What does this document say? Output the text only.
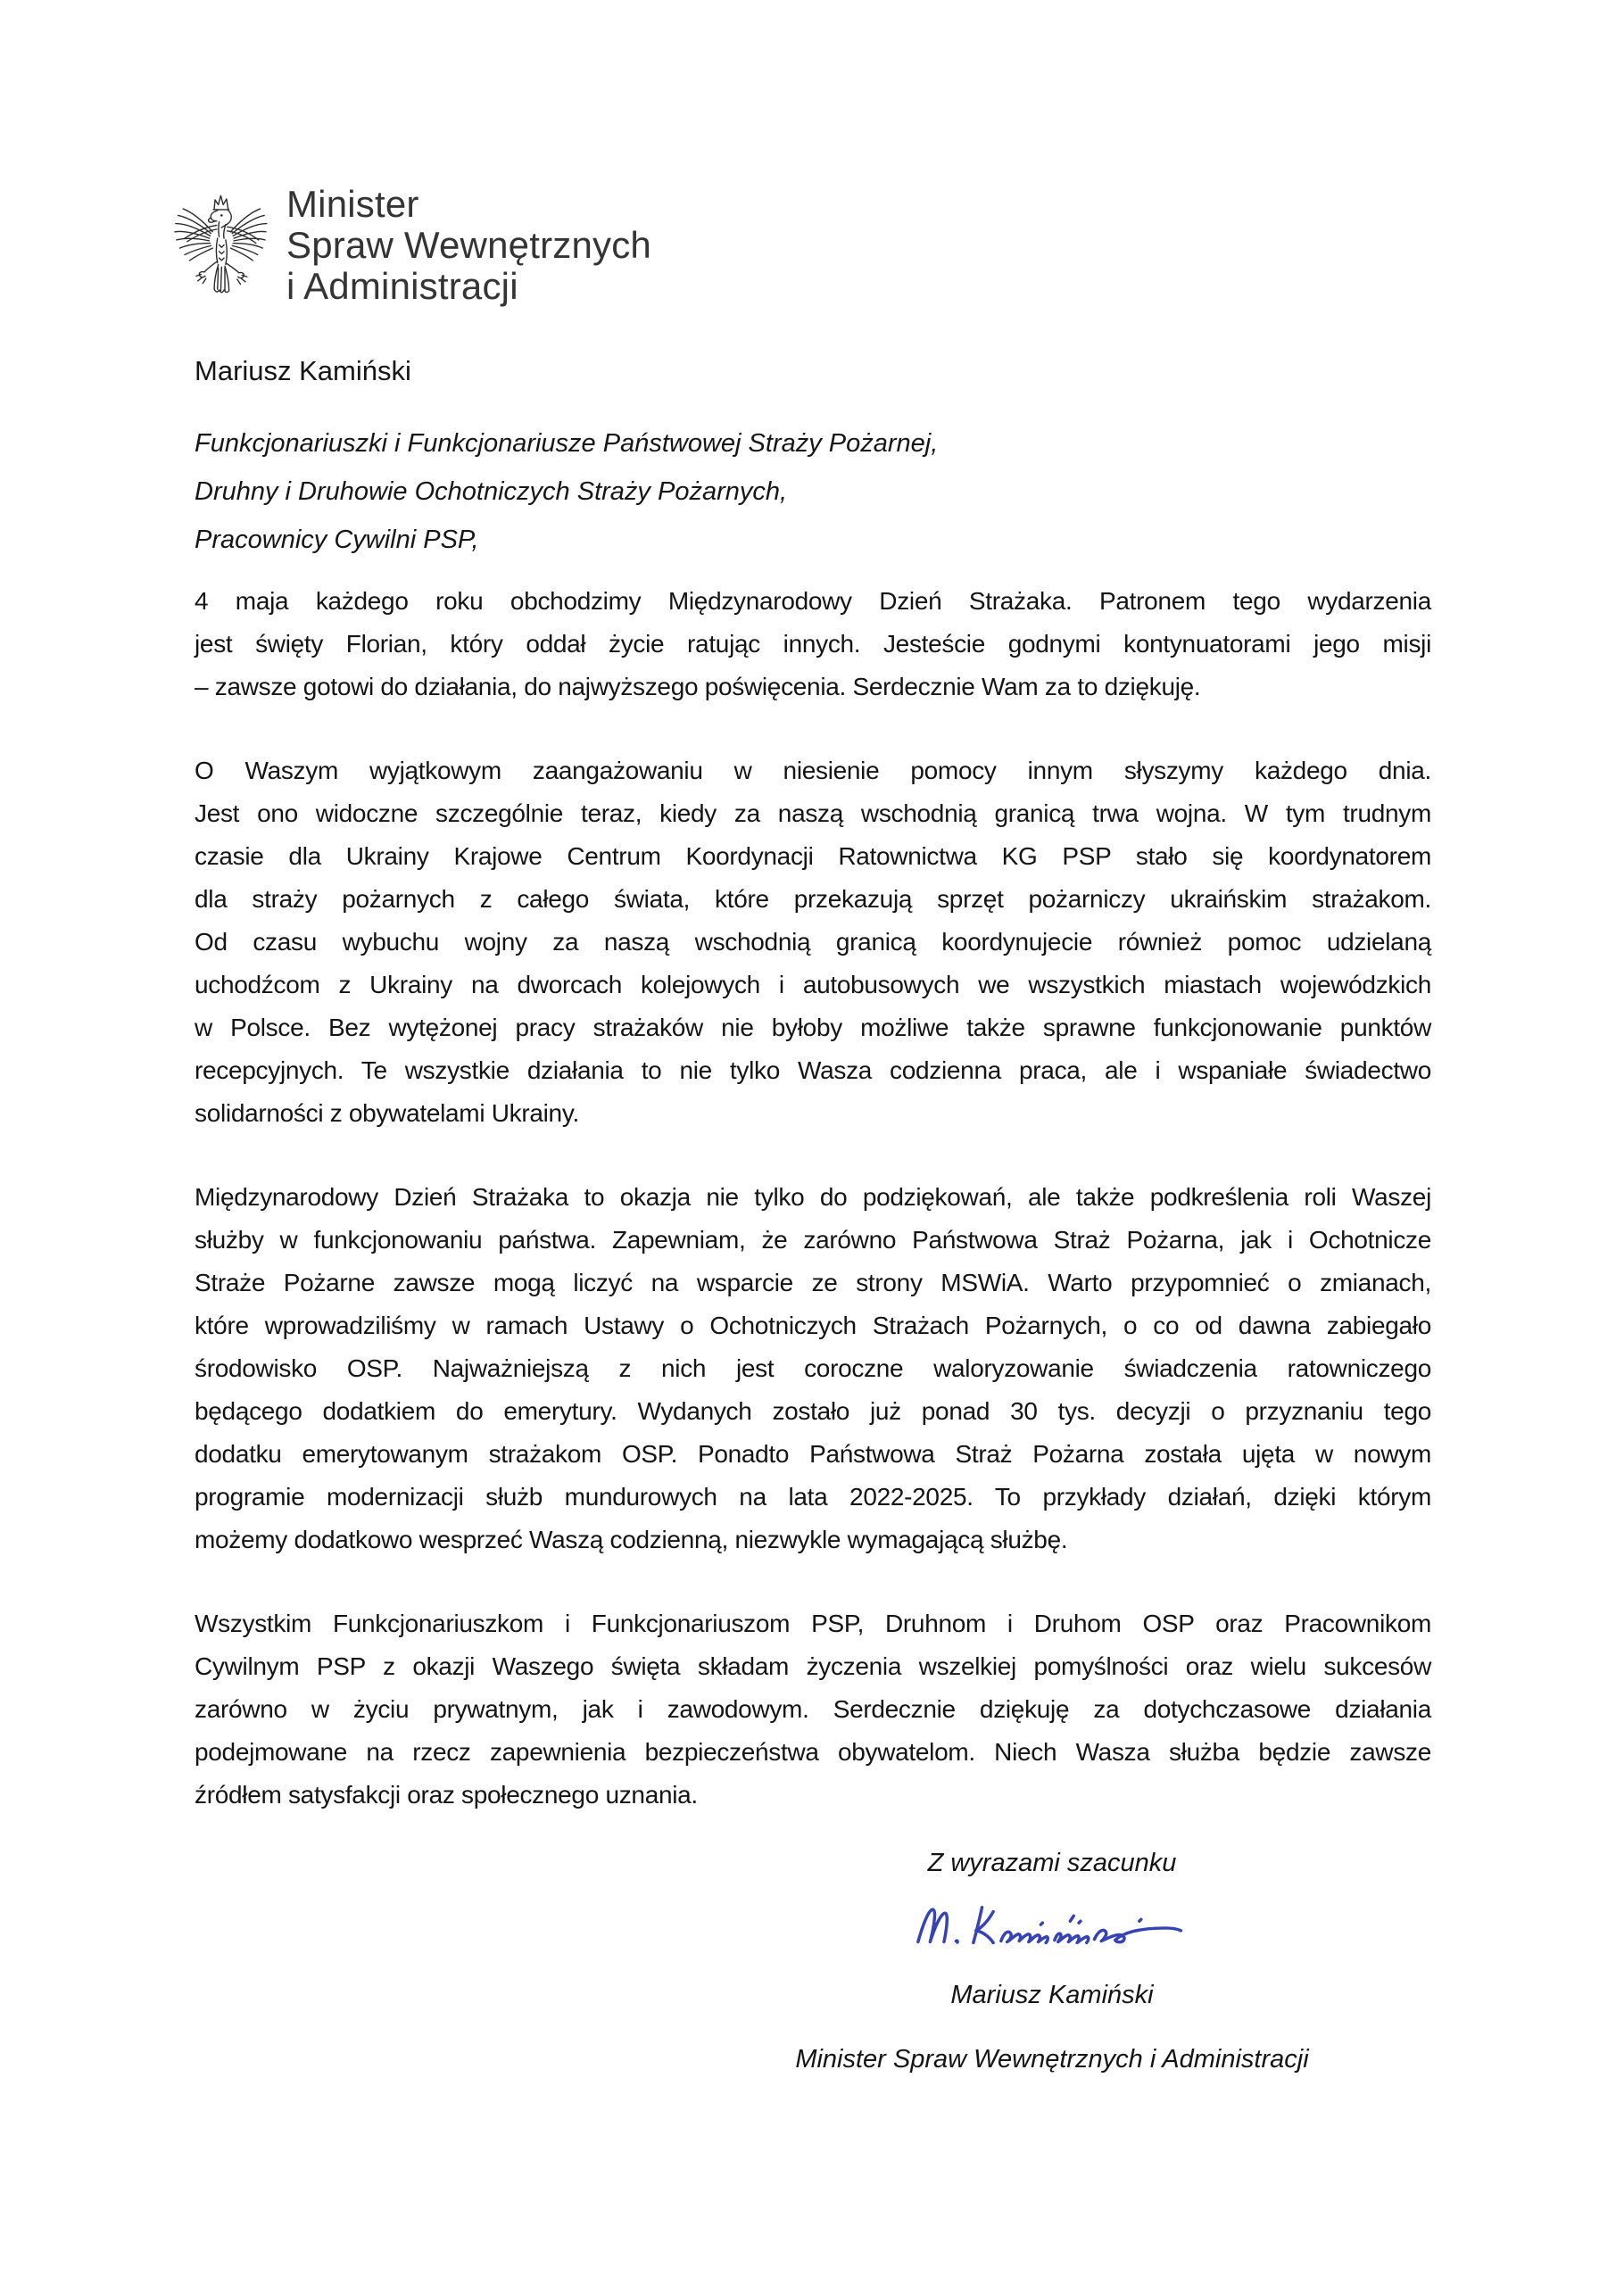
Minister
Spraw Wewnętrznych
i Administracji
Mariusz Kamiński
Funkcjonariuszki i Funkcjonariusze Państwowej Straży Pożarnej,
Druhny i Druhowie Ochotniczych Straży Pożarnych,
Pracownicy Cywilni PSP,
4 maja każdego roku obchodzimy Międzynarodowy Dzień Strażaka. Patronem tego wydarzenia
jest święty Florian, który oddał życie ratując innych. Jesteście godnymi kontynuatorami jego misji
– zawsze gotowi do działania, do najwyższego poświęcenia. Serdecznie Wam za to dziękuję.
O Waszym wyjątkowym zaangażowaniu w niesienie pomocy innym słyszymy każdego dnia.
Jest ono widoczne szczególnie teraz, kiedy za naszą wschodnią granicą trwa wojna. W tym trudnym
czasie dla Ukrainy Krajowe Centrum Koordynacji Ratownictwa KG PSP stało się koordynatorem
dla straży pożarnych z całego świata, które przekazują sprzęt pożarniczy ukraińskim strażakom.
Od czasu wybuchu wojny za naszą wschodnią granicą koordynujecie również pomoc udzielaną
uchodźcom z Ukrainy na dworcach kolejowych i autobusowych we wszystkich miastach wojewódzkich
w Polsce. Bez wytężonej pracy strażaków nie byłoby możliwe także sprawne funkcjonowanie punktów
recepcyjnych. Te wszystkie działania to nie tylko Wasza codzienna praca, ale i wspaniałe świadectwo
solidarności z obywatelami Ukrainy.
Międzynarodowy Dzień Strażaka to okazja nie tylko do podziękowań, ale także podkreślenia roli Waszej
służby w funkcjonowaniu państwa. Zapewniam, że zarówno Państwowa Straż Pożarna, jak i Ochotnicze
Straże Pożarne zawsze mogą liczyć na wsparcie ze strony MSWiA. Warto przypomnieć o zmianach,
które wprowadziliśmy w ramach Ustawy o Ochotniczych Strażach Pożarnych, o co od dawna zabiegało
środowisko OSP. Najważniejszą z nich jest coroczne waloryzowanie świadczenia ratowniczego
będącego dodatkiem do emerytury. Wydanych zostało już ponad 30 tys. decyzji o przyznaniu tego
dodatku emerytowanym strażakom OSP. Ponadto Państwowa Straż Pożarna została ujęta w nowym
programie modernizacji służb mundurowych na lata 2022-2025. To przykłady działań, dzięki którym
możemy dodatkowo wesprzeć Waszą codzienną, niezwykle wymagającą służbę.
Wszystkim Funkcjonariuszkom i Funkcjonariuszom PSP, Druhnom i Druhom OSP oraz Pracownikom
Cywilnym PSP z okazji Waszego święta składam życzenia wszelkiej pomyślności oraz wielu sukcesów
zarówno w życiu prywatnym, jak i zawodowym. Serdecznie dziękuję za dotychczasowe działania
podejmowane na rzecz zapewnienia bezpieczeństwa obywatelom. Niech Wasza służba będzie zawsze
źródłem satysfakcji oraz społecznego uznania.
Z wyrazami szacunku
Mariusz Kamiński
Minister Spraw Wewnętrznych i Administracji
